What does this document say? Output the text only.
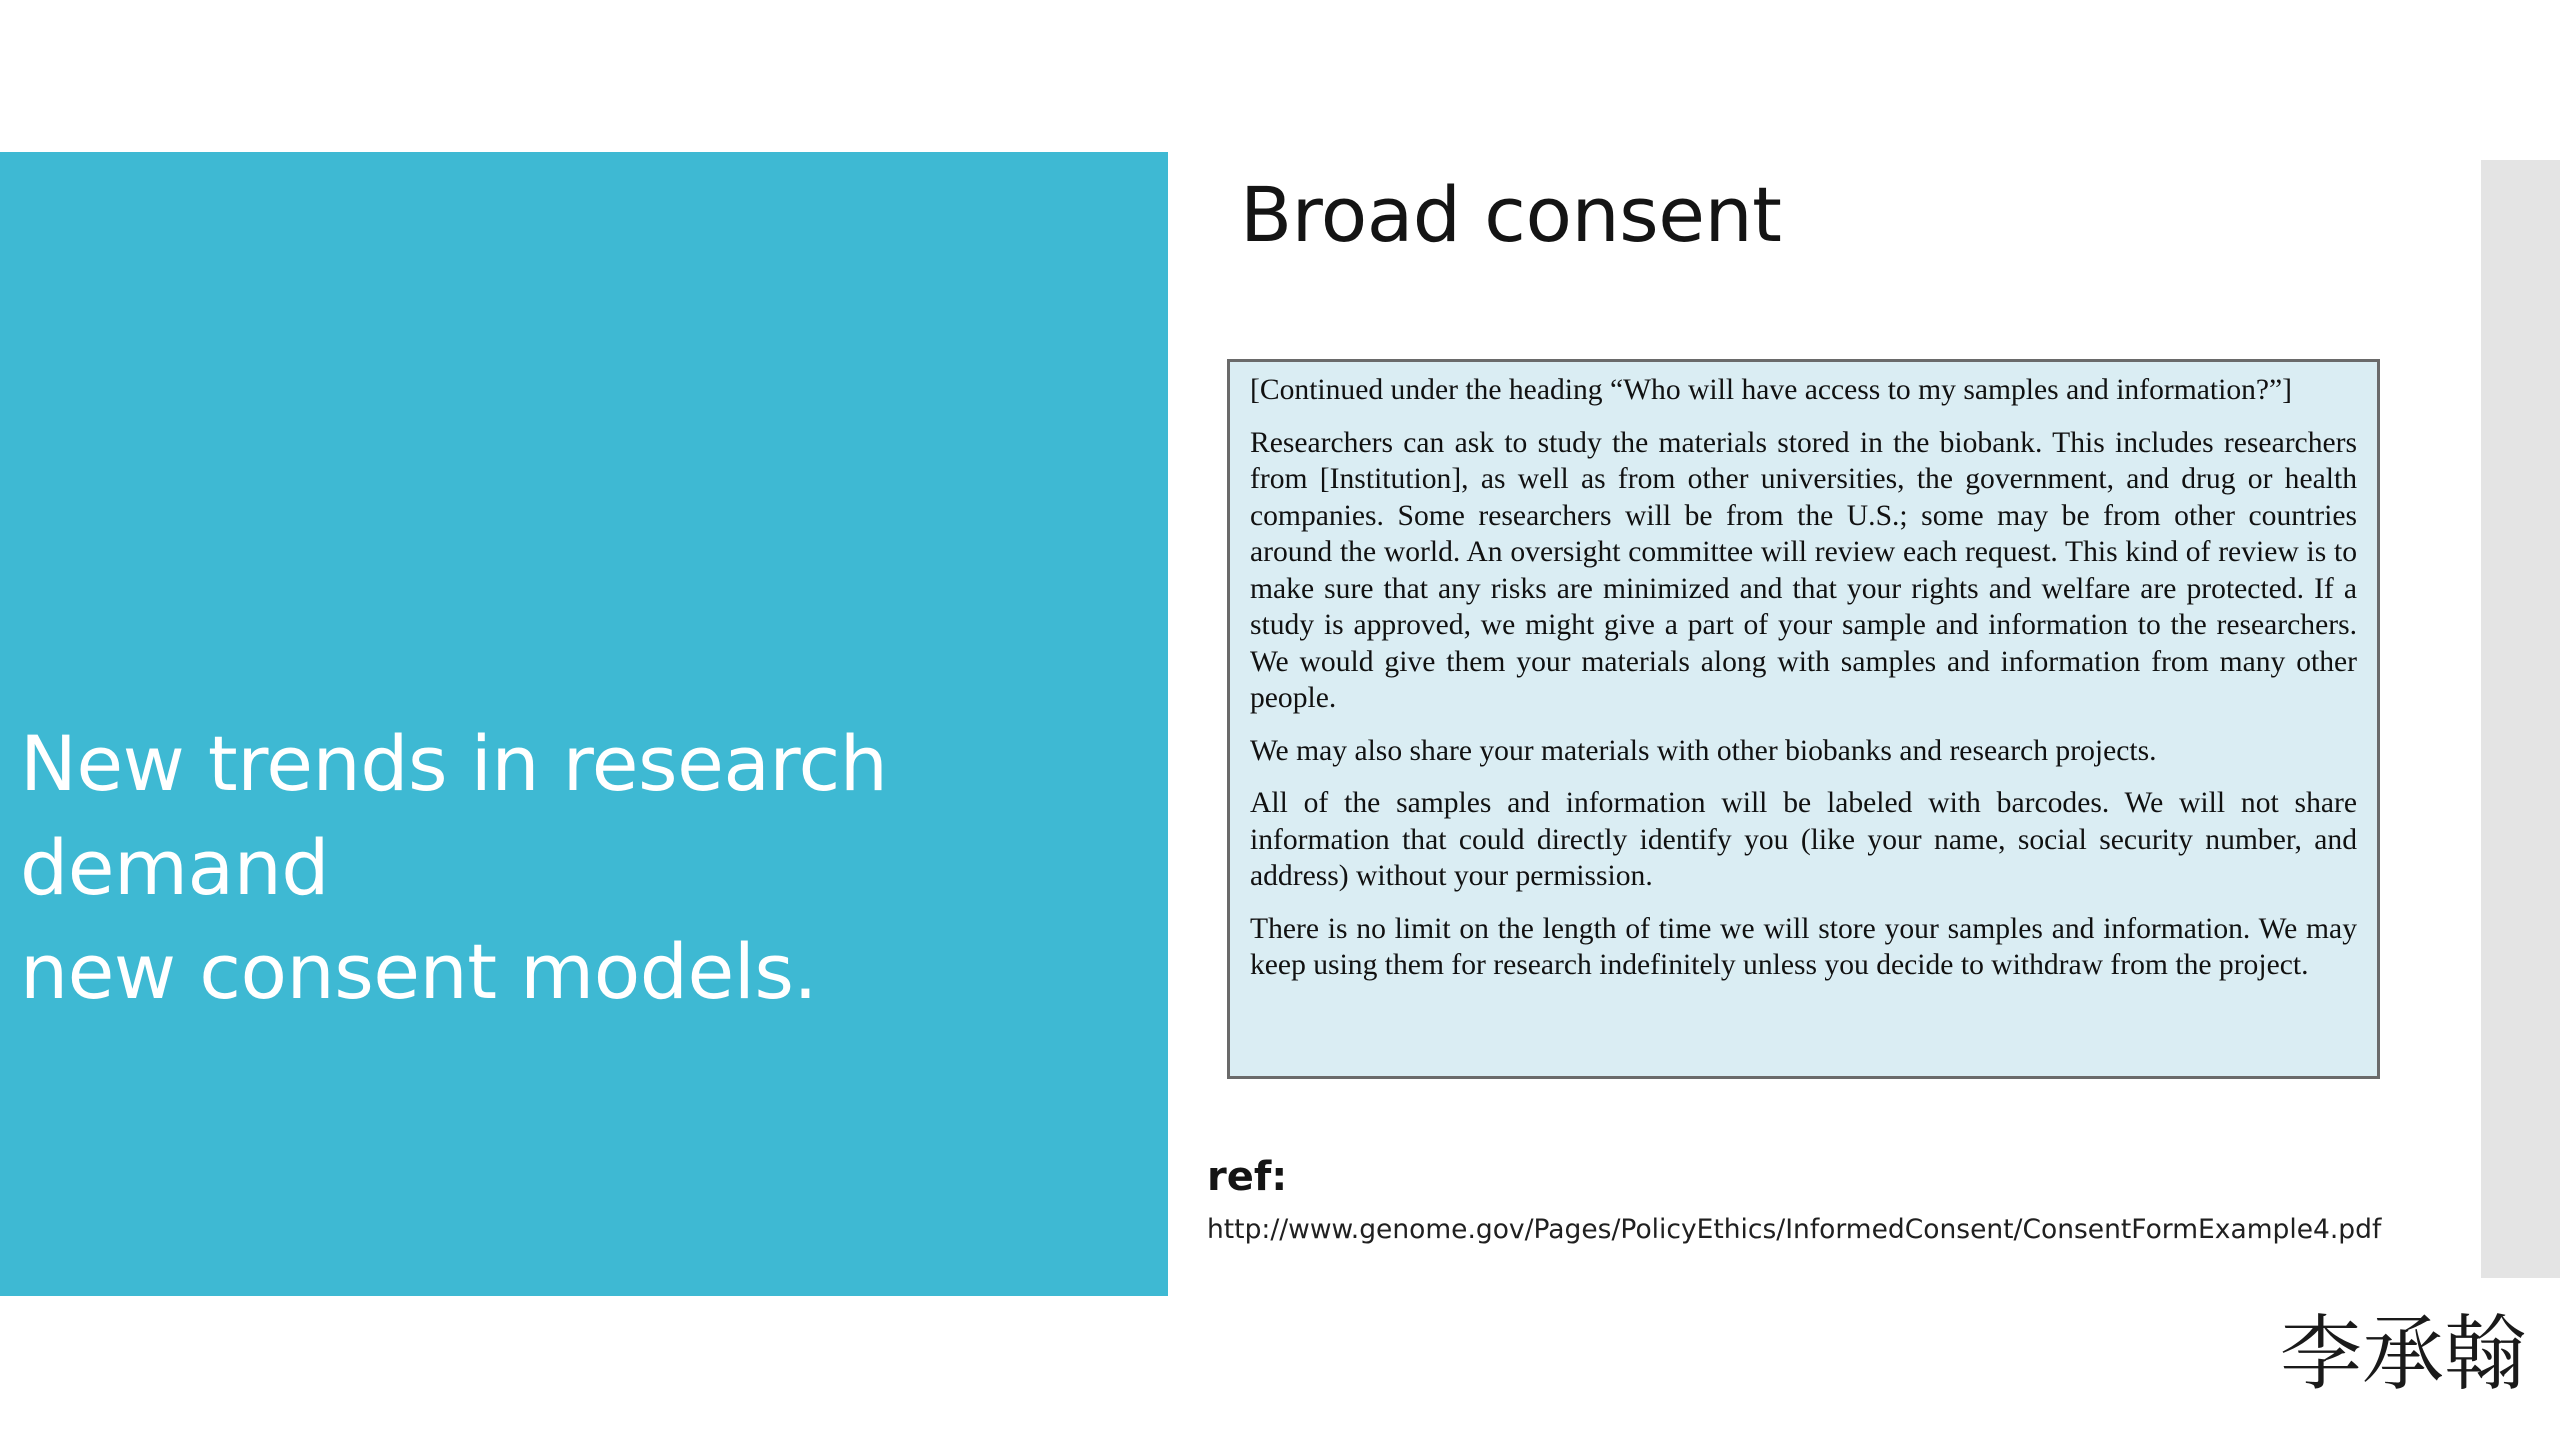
New trends in research demand
new consent models.
Broad consent

[Continued under the heading “Who will have access to my samples and information?”]

Researchers can ask to study the materials stored in the biobank. This includes researchers from [Institution], as well as from other universities, the government, and drug or health companies. Some researchers will be from the U.S.; some may be from other countries around the world. An oversight committee will review each request. This kind of review is to make sure that any risks are minimized and that your rights and welfare are protected. If a study is approved, we might give a part of your sample and information to the researchers. We would give them your materials along with samples and information from many other people.

We may also share your materials with other biobanks and research projects.

All of the samples and information will be labeled with barcodes. We will not share information that could directly identify you (like your name, social security number, and address) without your permission.

There is no limit on the length of time we will store your samples and information. We may keep using them for research indefinitely unless you decide to withdraw from the project.

ref:
http://www.genome.gov/Pages/PolicyEthics/InformedConsent/ConsentFormExample4.pdf
李承翰
